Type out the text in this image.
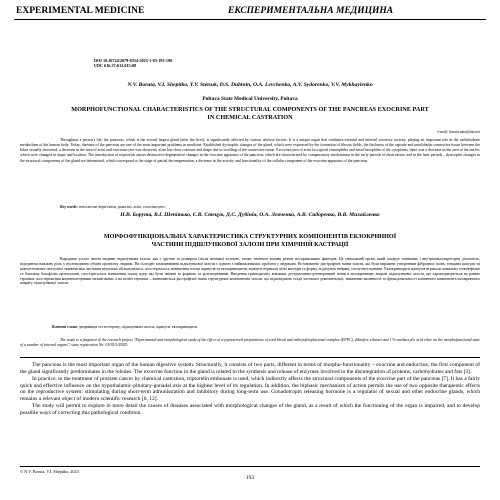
EXPERIMENTAL MEDICINE	ЕКСПЕРИМЕНТАЛЬНА МЕДИЦИНА
DOI 10.26724/2079-8334-2023-1-83-193-196
UDC 616.37:612.015:08
N.V. Boruta, V.I. Shepitko, Y.V. Stetsuk, D.S. Dubinin, O.A. Levchenko, A.V. Sydorenko, V.V. Mykhaylenko
Poltava State Medical University, Poltava
MORPHOFUNCTIONAL CHARACTERISTICS OF THE STRUCTURAL COMPONENTS OF THE PANCREAS EXOCRINE PART IN CHEMICAL CASTRATION
e-mail: boruta.nata@ukr.net

Throughout a person's life, the pancreas, which is the second largest gland (after the liver), is significantly affected by various adverse factors. It is a unique organ that combines external and internal secretory activity, playing an important role in the carbohydrate metabolism of the human body. Today, diseases of the pancreas are one of the most important problems in medicine. Established dystrophic changes of the gland, which were expressed by the formation of fibrous fields, the thickness of the capsule and interlobular connective tissue between the lobes visually increased, a decrease in the area of acini and exocrinocytes was observed, acini lost clear contours and shape due to swelling of the connective tissue. Exocrinocytes of acini lost apical eosinophilia and basal basophilia of the cytoplasm, there was a decrease in the area of the nuclei, which were changed in shape and location. The introduction of triptorelin causes destructive-degenerative changes in the exocrine apparatus of the pancreas, which are characterized by compensatory mechanisms in the early periods of observation, and in the later periods – dystrophic changes in the structural components of the gland are determined, which correspond to the stage of partial decompensation, a decrease in the activity and functionality of the cellular component of the exocrine apparatus of the pancreas.

Key words: testosterone deprivation, pancreas, acini, exocrinocytes.
Н.В. Борута, В.І. Шепітько, Є.В. Стецук, Д.С. Дубінін, О.А. Левченко, А.В. Сидоренко, В.В. Михайленко
МОРФОФУНКЦІОНАЛЬНА ХАРАКТЕРИСТИКА СТРУКТУРНИХ КОМПОНЕНТІВ ЕКЗОКРИННОЇ ЧАСТИНИ ПІДШЛУНКОВОЇ ЗАЛОЗИ ПРИ ХІМІЧНІЙ КАСТРАЦІЇ

Впродовж усього життя людини підшлункова залоза, яка є другою за розміром (після печінки) залозою, зазнає значного впливу різних несприятливих факторів. Це унікальний орган, який поєднує зовнішню і внутрішньосекреторну діяльність, відіграючи важливу роль у вуглеводному обміні організму людини. На сьогодні захворювання підшлункової залози є однією з найважливіших проблем у медицині. Встановлено дистрофічні зміни залози, які були виражені утворенням фіброзних полів, товщина капсули та міжчасточкової сполучної тканини між частками візуально збільшувалася, спостерігалось зменшення площі ацинусів та екзокриноцитів, ацинуси втрачали чіткі контури та форму за рахунок набряку сполучної тканини. Екзокриноцити ацинусів втрачали апікальну еозинофілію та базальну базофілію цитоплазми, спостерігалося зменшення площі ядер, які були змінені за формою та розташуванням. Введення триптореліну викликає деструктивно-дегенеративні зміни в екзокринному апараті підшлункової залози, що характеризуються на ранніх термінах спостереження компенсаторними механізмами, а на пізніх термінах – визначаються дистрофічні зміни структурних компонентів залози, що відповідають стадії часткової декомпенсації, зниженню активності та функціональності клітинного компонента екзокринного апарату підшлункової залози.

Ключові слова: депривація тестостерону, підшлункова залоза, ацинуси, екзокриноцити.

The study is a fragment of the research project "Experimental and morphological study of the effect of cryopreserved preparations of cord blood and embryofetoplacental complex (EFPC), dibrofen, ethanol and 1 %-methacrylic acid ether on the morphofunctional state of a number of internal organs", state registration No. 0119U103925.

The pancreas is the most important organ of the human digestive system. Structurally, it consists of two parts, different in terms of morpho-functionality – exocrine and endocrine, the first component of the gland significantly predominates in the lobules. The exocrine function in the gland is related to the synthesis and release of enzymes involved in the disintegration of proteins, carbohydrates and fats [3].

In practice, in the treatment of prostate cancer by chemical castration, triptorelin embonate is used, which indirectly affects the structural components of the exocrine part of the pancreas [7]. It has a fairly quick and effective influence on the hypothalamic-pituitary-gonadal axis at the highest level of its regulation. In addition, the biphasic mechanism of action permits the use of two opposite therapeutic effects on the reproductive system: stimulating during short-term administration and inhibitory during long-term use. Gonadotropin releasing hormone is a regulator of sexual and other endocrine glands, which remains a relevant object of modern scientific research [6, 12].

The study will permit to explore in more detail the causes of diseases associated with morphological changes of the gland, as a result of which the functioning of the organ is impaired, and to develop possible ways of correcting this pathological condition.

© N.V. Boruta, V.I. Shepitko, 2023
193
